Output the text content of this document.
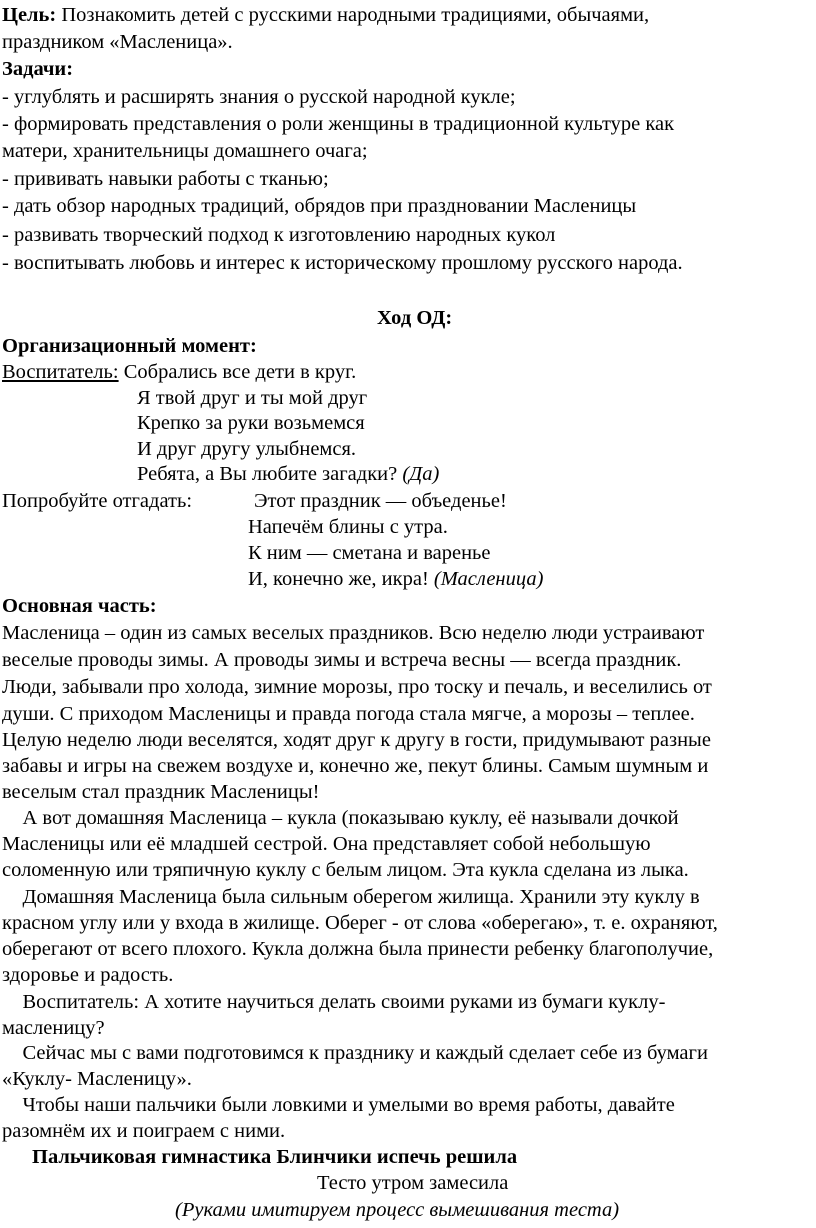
Цель: Познакомить детей с русскими народными традициями, обычаями,
праздником «Масленица».
Задачи:
- углублять и расширять знания о русской народной кукле;
- формировать представления о роли женщины в традиционной культуре как
матери, хранительницы домашнего очага;
- прививать навыки работы с тканью;
- дать обзор народных традиций, обрядов при праздновании Масленицы
- развивать творческий подход к изготовлению народных кукол
- воспитывать любовь и интерес к историческому прошлому русского народа.
Ход ОД:
Организационный момент:
Воспитатель: Собрались все дети в круг.
Я твой друг и ты мой друг
Крепко за руки возьмемся
И друг другу улыбнемся.
Ребята, а Вы любите загадки? (Да)
Попробуйте отгадать:	Этот праздник — объеденье!
Напечём блины с утра.
К ним — сметана и варенье
И, конечно же, икра! (Масленица)
Основная часть:
Масленица – один из самых веселых праздников. Всю неделю люди устраивают
веселые проводы зимы. А проводы зимы и встреча весны — всегда праздник.
Люди, забывали про холода, зимние морозы, про тоску и печаль, и веселились от
души. С приходом Масленицы и правда погода стала мягче, а морозы – теплее.
Целую неделю люди веселятся, ходят друг к другу в гости, придумывают разные
забавы и игры на свежем воздухе и, конечно же, пекут блины. Самым шумным и
веселым стал праздник Масленицы!
А вот домашняя Масленица – кукла (показываю куклу, её называли дочкой
Масленицы или её младшей сестрой. Она представляет собой небольшую
соломенную или тряпичную куклу с белым лицом. Эта кукла сделана из лыка.
Домашняя Масленица была сильным оберегом жилища. Хранили эту куклу в
красном углу или у входа в жилище. Оберег - от слова «оберегаю», т. е. охраняют,
оберегают от всего плохого. Кукла должна была принести ребенку благополучие,
здоровье и радость.
Воспитатель: А хотите научиться делать своими руками из бумаги куклу-
масленицу?
Сейчас мы с вами подготовимся к празднику и каждый сделает себе из бумаги
«Куклу- Масленицу».
Чтобы наши пальчики были ловкими и умелыми во время работы, давайте
разомнём их и поиграем с ними.
Пальчиковая гимнастика Блинчики испечь решила
Тесто утром замесила
(Руками имитируем процесс вымешивания теста)
